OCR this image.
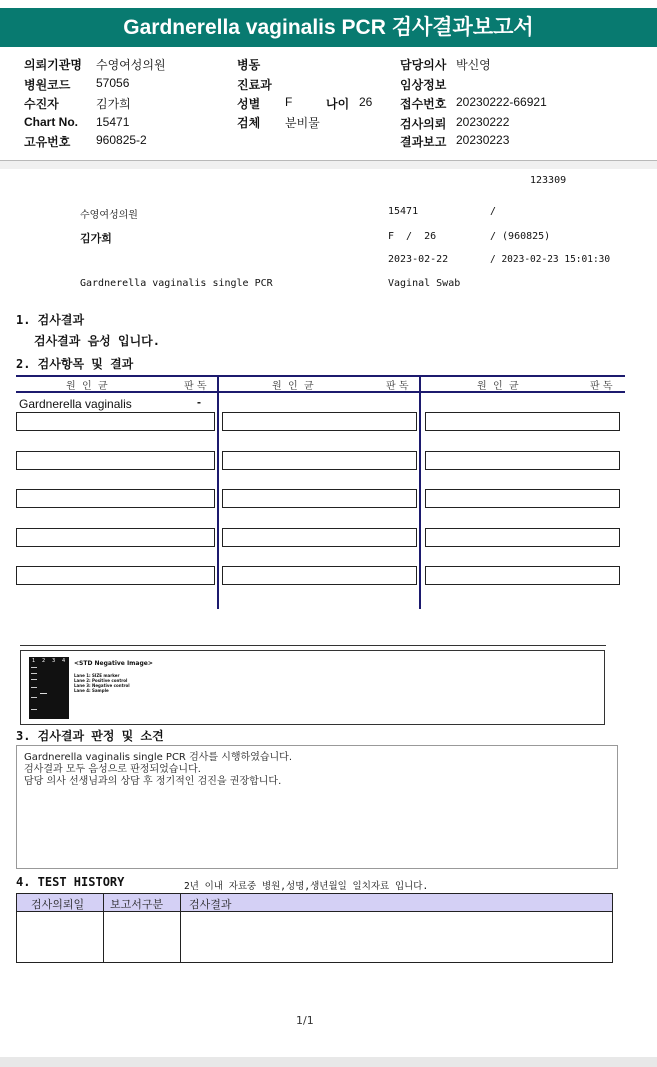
Gardnerella vaginalis PCR 검사결과보고서
의뢰기관명 수영여성의원
병원코드 57056
수진자	김가희
Chart No. 15471
고유번호 960825-2
병동
진료과
성별 F	나이 26
검체 분비물
담당의사 박신영
임상정보
접수번호 20230222-66921
검사의뢰 20230222
결과보고 20230223
123309
수영여성의원	15471	/
김가희	F  /  26	/ (960825)
2023-02-22	/ 2023-02-23 15:01:30
Gardnerella vaginalis single PCR	Vaginal Swab
1. 검사결과
검사결과 음성 입니다.
2. 검사항목 및 결과
원  인  균	판 독	원  인  균	판 독	원  인  균	판 독
Gardnerella vaginalis	-
1 2 3 4 <STD Negative Image>
Lane 1: SIZE marker
Lane 2: Positive control
Lane 3: Negative control
Lane 4: Sample
3. 검사결과 판정 및 소견
Gardnerella vaginalis single PCR 검사를 시행하였습니다.
검사결과 모두 음성으로 판정되었습니다.
담당 의사 선생님과의 상담 후 정기적인 검진을 권장합니다.
4. TEST HISTORY	2년 이내 자료중 병원,성명,생년월일 일치자료 입니다.
검사의뢰일 보고서구분 검사결과
1/1
